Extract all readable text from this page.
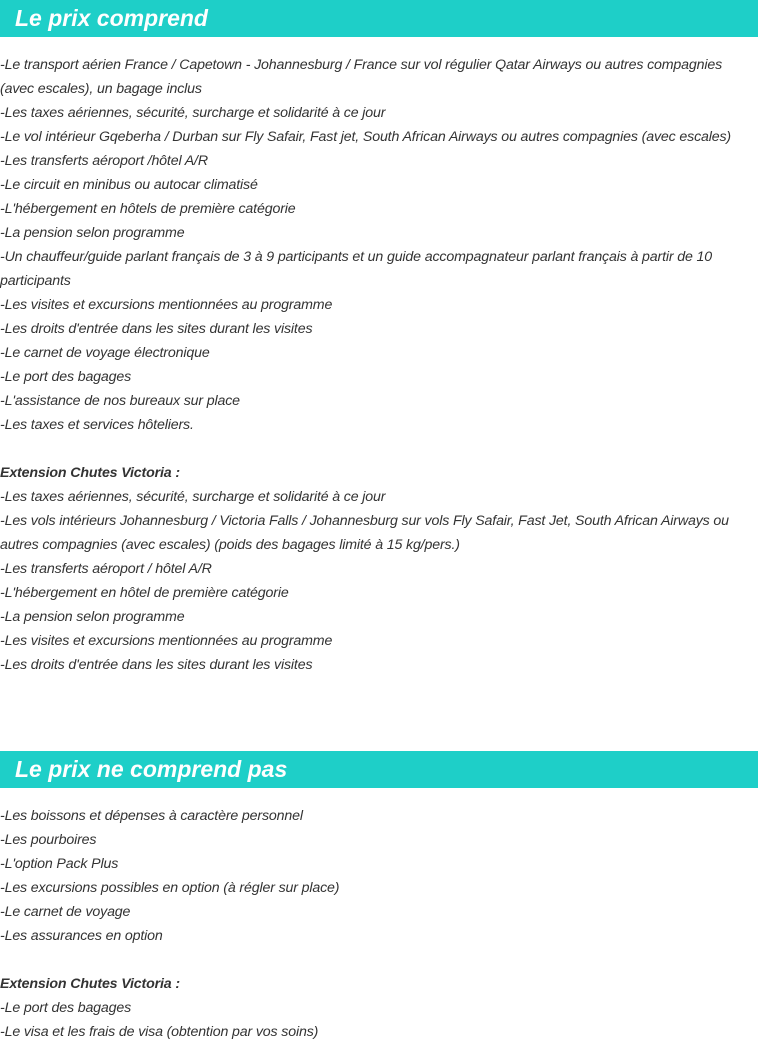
Le prix comprend
-Le transport aérien France / Capetown - Johannesburg / France sur vol régulier Qatar Airways ou autres compagnies (avec escales), un bagage inclus
-Les taxes aériennes, sécurité, surcharge et solidarité à ce jour
-Le vol intérieur Gqeberha / Durban sur Fly Safair, Fast jet, South African Airways ou autres compagnies (avec escales)
-Les transferts aéroport /hôtel A/R
-Le circuit en minibus ou autocar climatisé
-L'hébergement en hôtels de première catégorie
-La pension selon programme
-Un chauffeur/guide parlant français de 3 à 9 participants et un guide accompagnateur parlant français à partir de 10 participants
-Les visites et excursions mentionnées au programme
-Les droits d'entrée dans les sites durant les visites
-Le carnet de voyage électronique
-Le port des bagages
-L'assistance de nos bureaux sur place
-Les taxes et services hôteliers.
Extension Chutes Victoria :
-Les taxes aériennes, sécurité, surcharge et solidarité à ce jour
-Les vols intérieurs Johannesburg / Victoria Falls / Johannesburg sur vols Fly Safair, Fast Jet, South African Airways ou autres compagnies (avec escales) (poids des bagages limité à 15 kg/pers.)
-Les transferts aéroport / hôtel A/R
-L'hébergement en hôtel de première catégorie
-La pension selon programme
-Les visites et excursions mentionnées au programme
-Les droits d'entrée dans les sites durant les visites
Le prix ne comprend pas
-Les boissons et dépenses à caractère personnel
-Les pourboires
-L'option Pack Plus
-Les excursions possibles en option (à régler sur place)
-Le carnet de voyage
-Les assurances en option
Extension Chutes Victoria :
-Le port des bagages
-Le visa et les frais de visa (obtention par vos soins)
